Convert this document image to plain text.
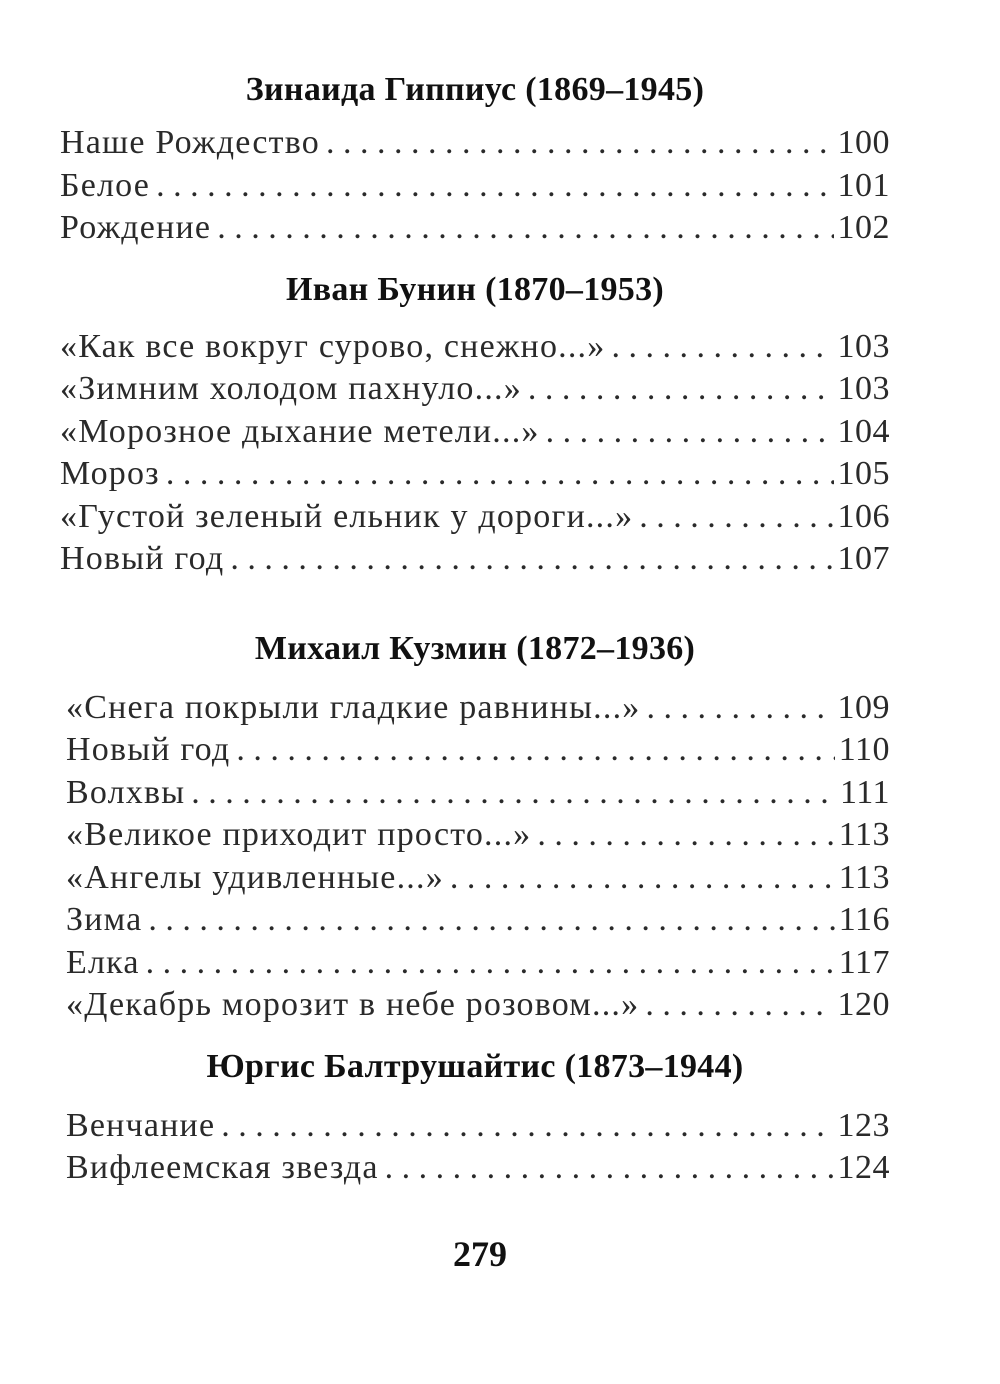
Зинаида Гиппиус (1869–1945)
Наше Рождество . . .	100
Белое . . .	101
Рождение . . .	102
Иван Бунин (1870–1953)
«Как все вокруг сурово, снежно...» . . .	103
«Зимним холодом пахнуло...» . . .	103
«Морозное дыхание метели...» . . .	104
Мороз . . .	105
«Густой зеленый ельник у дороги...» . . .	106
Новый год . . .	107
Михаил Кузмин (1872–1936)
«Снега покрыли гладкие равнины...» . . .	109
Новый год . . .	110
Волхвы . . .	111
«Великое приходит просто...» . . .	113
«Ангелы удивленные...» . . .	113
Зима . . .	116
Елка . . .	117
«Декабрь морозит в небе розовом...» . . .	120
Юргис Балтрушайтис (1873–1944)
Венчание . . .	123
Вифлеемская звезда . . .	124
279
